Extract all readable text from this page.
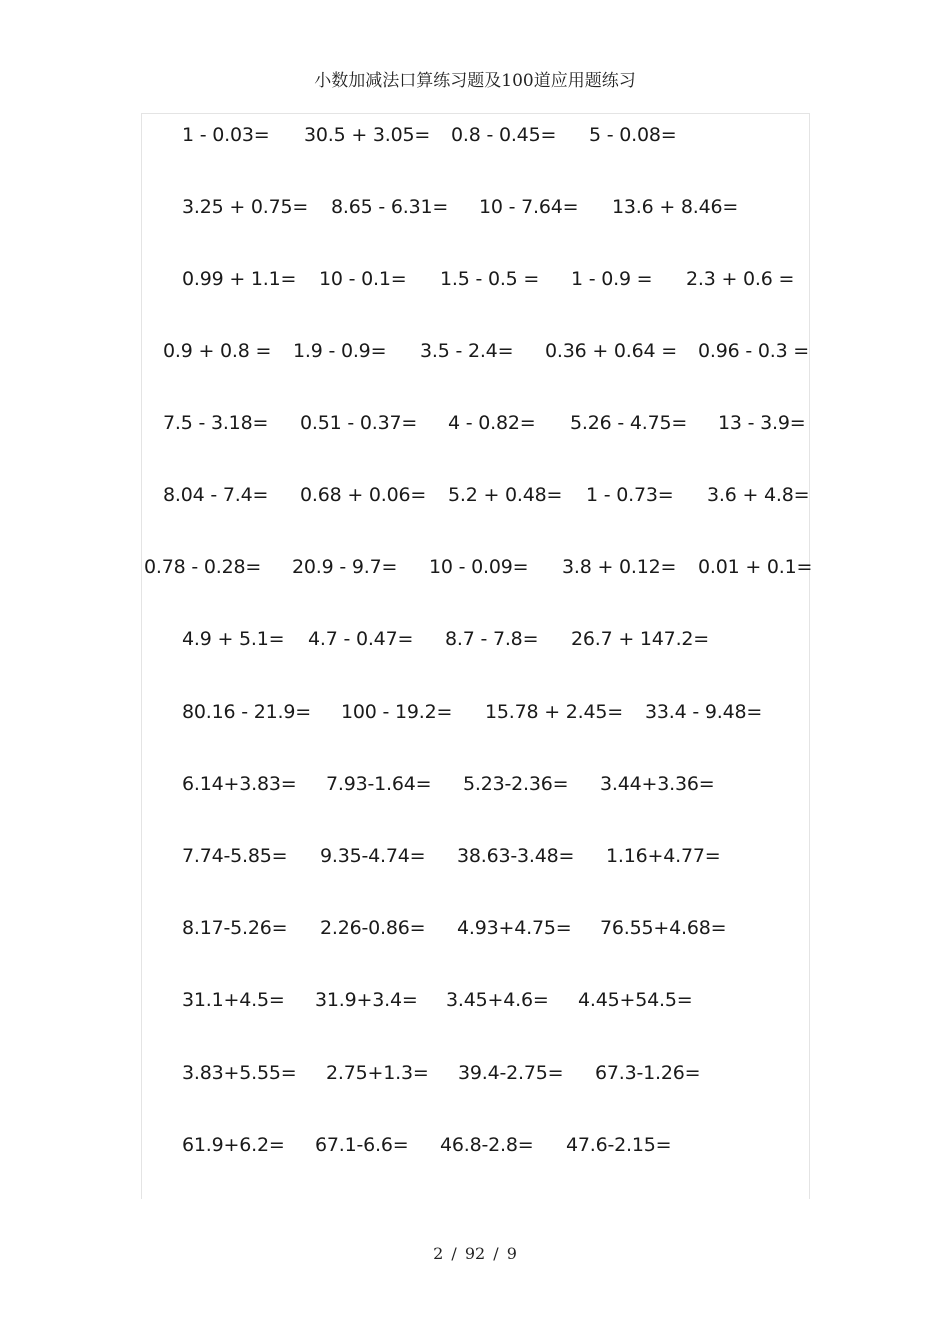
小数加减法口算练习题及100道应用题练习
1 - 0.03= 30.5 + 3.05= 0.8 - 0.45= 5 - 0.08=
3.25 + 0.75= 8.65 - 6.31= 10 - 7.64= 13.6 + 8.46=
0.99 + 1.1= 10 - 0.1= 1.5 - 0.5 = 1 - 0.9 = 2.3 + 0.6 =
0.9 + 0.8 = 1.9 - 0.9= 3.5 - 2.4= 0.36 + 0.64 = 0.96 - 0.3 =
7.5 - 3.18= 0.51 - 0.37= 4 - 0.82= 5.26 - 4.75= 13 - 3.9=
8.04 - 7.4= 0.68 + 0.06= 5.2 + 0.48= 1 - 0.73= 3.6 + 4.8=
0.78 - 0.28= 20.9 - 9.7= 10 - 0.09= 3.8 + 0.12= 0.01 + 0.1=
4.9 + 5.1= 4.7 - 0.47= 8.7 - 7.8= 26.7 + 147.2=
80.16 - 21.9= 100 - 19.2= 15.78 + 2.45= 33.4 - 9.48=
6.14+3.83= 7.93-1.64= 5.23-2.36= 3.44+3.36=
7.74-5.85= 9.35-4.74= 38.63-3.48= 1.16+4.77=
8.17-5.26= 2.26-0.86= 4.93+4.75= 76.55+4.68=
31.1+4.5= 31.9+3.4= 3.45+4.6= 4.45+54.5=
3.83+5.55= 2.75+1.3= 39.4-2.75= 67.3-1.26=
61.9+6.2= 67.1-6.6= 46.8-2.8= 47.6-2.15=
2 / 92 / 9
